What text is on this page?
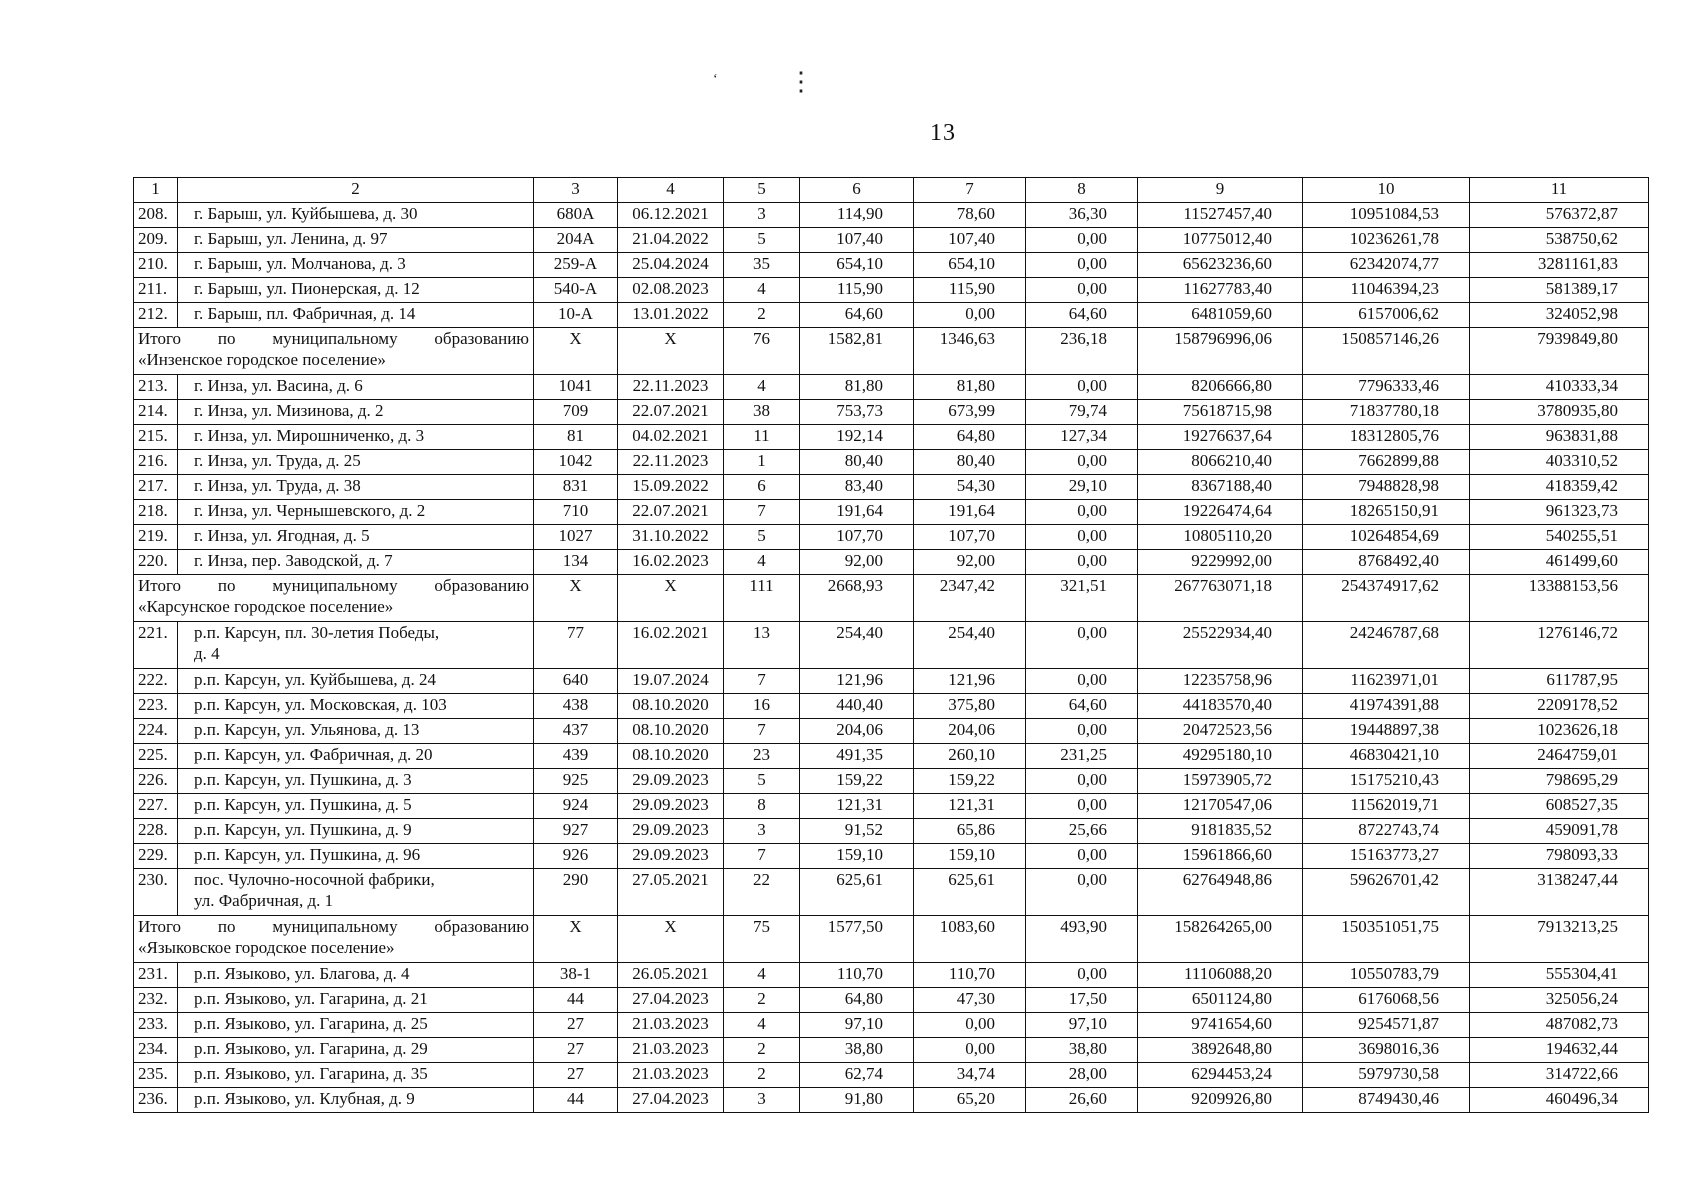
⋮
‘
13
1	2	3	4	5	6	7	8	9	10	11
208.	г. Барыш, ул. Куйбышева, д. 30	680А	06.12.2021	3	114,90	78,60	36,30	11527457,40	10951084,53	576372,87
209.	г. Барыш, ул. Ленина, д. 97	204А	21.04.2022	5	107,40	107,40	0,00	10775012,40	10236261,78	538750,62
210.	г. Барыш, ул. Молчанова, д. 3	259-А	25.04.2024	35	654,10	654,10	0,00	65623236,60	62342074,77	3281161,83
211.	г. Барыш, ул. Пионерская, д. 12	540-А	02.08.2023	4	115,90	115,90	0,00	11627783,40	11046394,23	581389,17
212.	г. Барыш, пл. Фабричная, д. 14	10-А	13.01.2022	2	64,60	0,00	64,60	6481059,60	6157006,62	324052,98

Итого по муниципальному образованию
«Инзенское городское поселение»		Х	Х	76	1582,81	1346,63	236,18	158796996,06	150857146,26	7939849,80
213.	г. Инза, ул. Васина, д. 6	1041	22.11.2023	4	81,80	81,80	0,00	8206666,80	7796333,46	410333,34
214.	г. Инза, ул. Мизинова, д. 2	709	22.07.2021	38	753,73	673,99	79,74	75618715,98	71837780,18	3780935,80
215.	г. Инза, ул. Мирошниченко, д. 3	81	04.02.2021	11	192,14	64,80	127,34	19276637,64	18312805,76	963831,88
216.	г. Инза, ул. Труда, д. 25	1042	22.11.2023	1	80,40	80,40	0,00	8066210,40	7662899,88	403310,52
217.	г. Инза, ул. Труда, д. 38	831	15.09.2022	6	83,40	54,30	29,10	8367188,40	7948828,98	418359,42
218.	г. Инза, ул. Чернышевского, д. 2	710	22.07.2021	7	191,64	191,64	0,00	19226474,64	18265150,91	961323,73
219.	г. Инза, ул. Ягодная, д. 5	1027	31.10.2022	5	107,70	107,70	0,00	10805110,20	10264854,69	540255,51
220.	г. Инза, пер. Заводской, д. 7	134	16.02.2023	4	92,00	92,00	0,00	9229992,00	8768492,40	461499,60

Итого по муниципальному образованию
«Карсунское городское поселение»		Х	Х	111	2668,93	2347,42	321,51	267763071,18	254374917,62	13388153,56
221.	р.п. Карсун, пл. 30-летия Победы,
д. 4	77	16.02.2021	13	254,40	254,40	0,00	25522934,40	24246787,68	1276146,72
222.	р.п. Карсун, ул. Куйбышева, д. 24	640	19.07.2024	7	121,96	121,96	0,00	12235758,96	11623971,01	611787,95
223.	р.п. Карсун, ул. Московская, д. 103	438	08.10.2020	16	440,40	375,80	64,60	44183570,40	41974391,88	2209178,52
224.	р.п. Карсун, ул. Ульянова, д. 13	437	08.10.2020	7	204,06	204,06	0,00	20472523,56	19448897,38	1023626,18
225.	р.п. Карсун, ул. Фабричная, д. 20	439	08.10.2020	23	491,35	260,10	231,25	49295180,10	46830421,10	2464759,01
226.	р.п. Карсун, ул. Пушкина, д. 3	925	29.09.2023	5	159,22	159,22	0,00	15973905,72	15175210,43	798695,29
227.	р.п. Карсун, ул. Пушкина, д. 5	924	29.09.2023	8	121,31	121,31	0,00	12170547,06	11562019,71	608527,35
228.	р.п. Карсун, ул. Пушкина, д. 9	927	29.09.2023	3	91,52	65,86	25,66	9181835,52	8722743,74	459091,78
229.	р.п. Карсун, ул. Пушкина, д. 96	926	29.09.2023	7	159,10	159,10	0,00	15961866,60	15163773,27	798093,33
230.	пос. Чулочно-носочной фабрики,
ул. Фабричная, д. 1	290	27.05.2021	22	625,61	625,61	0,00	62764948,86	59626701,42	3138247,44

Итого по муниципальному образованию
«Языковское городское поселение»		Х	Х	75	1577,50	1083,60	493,90	158264265,00	150351051,75	7913213,25
231.	р.п. Языково, ул. Благова, д. 4	38-1	26.05.2021	4	110,70	110,70	0,00	11106088,20	10550783,79	555304,41
232.	р.п. Языково, ул. Гагарина, д. 21	44	27.04.2023	2	64,80	47,30	17,50	6501124,80	6176068,56	325056,24
233.	р.п. Языково, ул. Гагарина, д. 25	27	21.03.2023	4	97,10	0,00	97,10	9741654,60	9254571,87	487082,73
234.	р.п. Языково, ул. Гагарина, д. 29	27	21.03.2023	2	38,80	0,00	38,80	3892648,80	3698016,36	194632,44
235.	р.п. Языково, ул. Гагарина, д. 35	27	21.03.2023	2	62,74	34,74	28,00	6294453,24	5979730,58	314722,66
236.	р.п. Языково, ул. Клубная, д. 9	44	27.04.2023	3	91,80	65,20	26,60	9209926,80	8749430,46	460496,34
